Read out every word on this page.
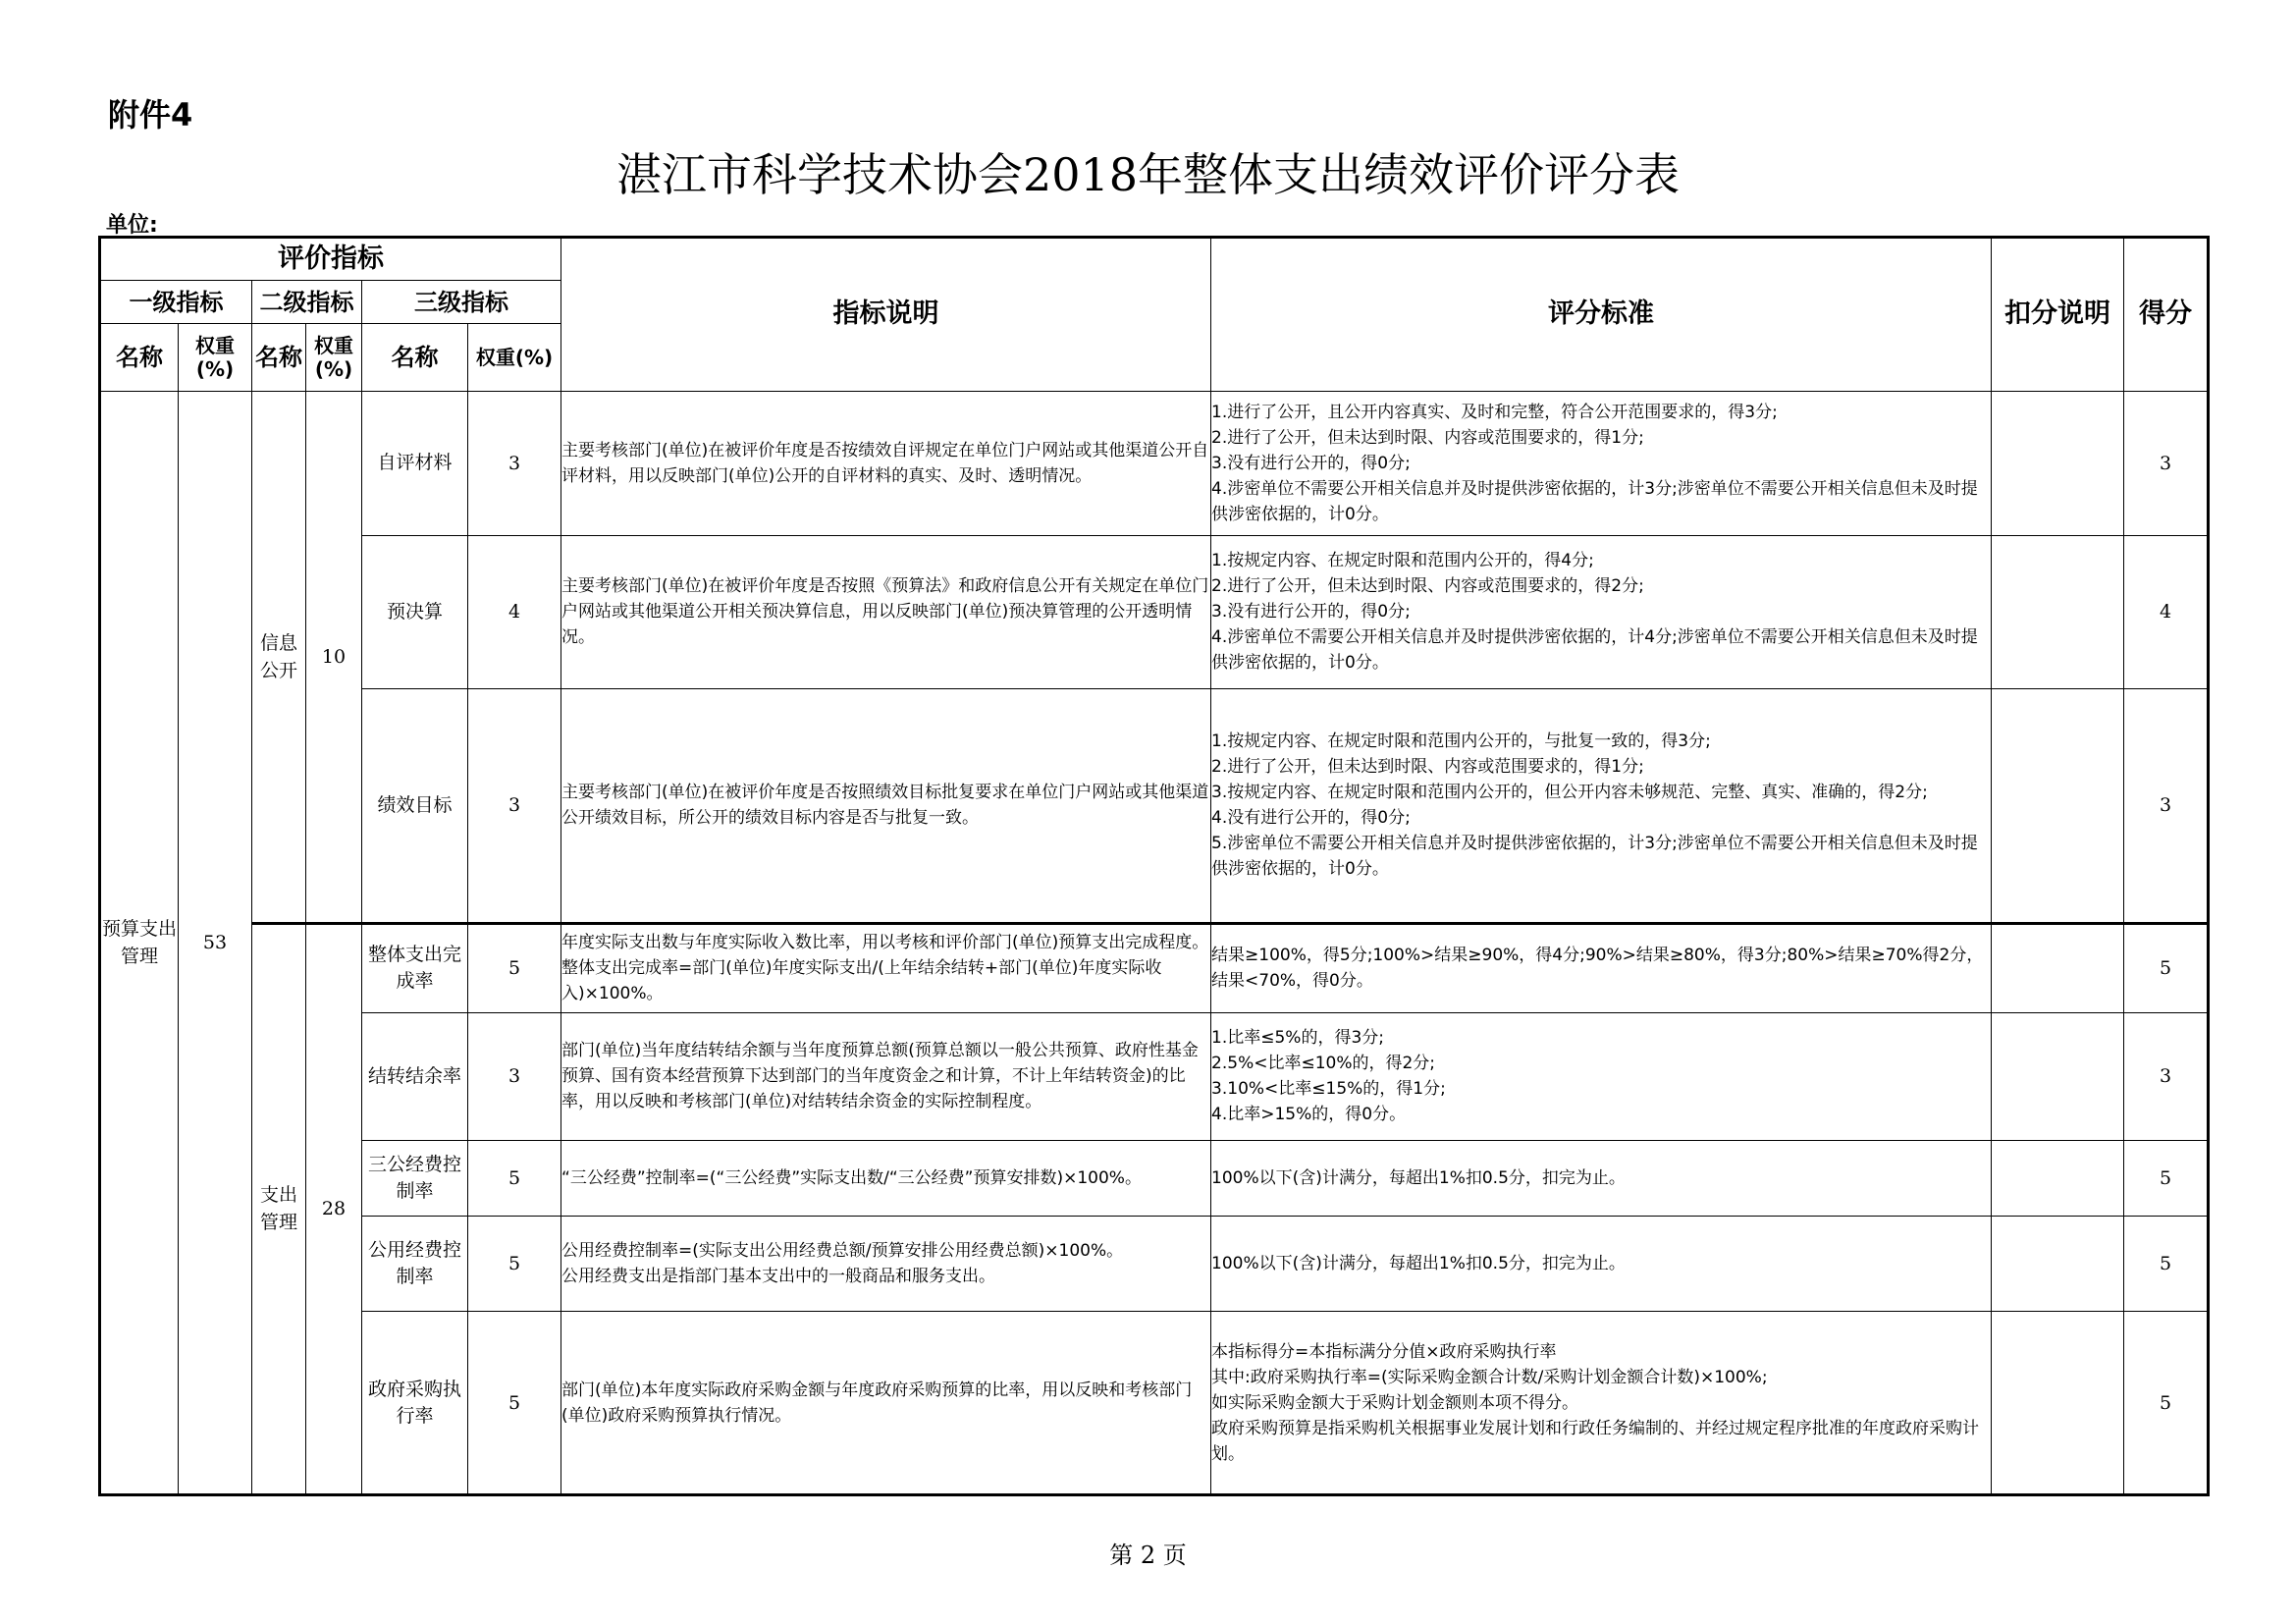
附件4
湛江市科学技术协会2018年整体支出绩效评价评分表
单位:
评价指标						指标说明	评分标准	扣分说明	得分
一级指标		二级指标		三级指标					
名称	权重(%)	名称	权重(%)	名称	权重(%)				
预算支出管理	53	信息公开	10	自评材料	3	主要考核部门(单位)在被评价年度是否按绩效自评规定在单位门户网站或其他渠道公开自评材料，用以反映部门(单位)公开的自评材料的真实、及时、透明情况。	1.进行了公开，且公开内容真实、及时和完整，符合公开范围要求的，得3分;
2.进行了公开，但未达到时限、内容或范围要求的，得1分;
3.没有进行公开的，得0分;
4.涉密单位不需要公开相关信息并及时提供涉密依据的，计3分;涉密单位不需要公开相关信息但未及时提供涉密依据的，计0分。		3
				预决算	4	主要考核部门(单位)在被评价年度是否按照《预算法》和政府信息公开有关规定在单位门户网站或其他渠道公开相关预决算信息，用以反映部门(单位)预决算管理的公开透明情况。	1.按规定内容、在规定时限和范围内公开的，得4分;
2.进行了公开，但未达到时限、内容或范围要求的，得2分;
3.没有进行公开的，得0分;
4.涉密单位不需要公开相关信息并及时提供涉密依据的，计4分;涉密单位不需要公开相关信息但未及时提供涉密依据的，计0分。		4
				绩效目标	3	主要考核部门(单位)在被评价年度是否按照绩效目标批复要求在单位门户网站或其他渠道公开绩效目标，所公开的绩效目标内容是否与批复一致。	1.按规定内容、在规定时限和范围内公开的，与批复一致的，得3分;
2.进行了公开，但未达到时限、内容或范围要求的，得1分;
3.按规定内容、在规定时限和范围内公开的，但公开内容未够规范、完整、真实、准确的，得2分;
4.没有进行公开的，得0分;
5.涉密单位不需要公开相关信息并及时提供涉密依据的，计3分;涉密单位不需要公开相关信息但未及时提供涉密依据的，计0分。		3
		支出管理	28	整体支出完成率	5	年度实际支出数与年度实际收入数比率，用以考核和评价部门(单位)预算支出完成程度。整体支出完成率=部门(单位)年度实际支出/(上年结余结转+部门(单位)年度实际收入)×100%。	结果≥100%，得5分;100%>结果≥90%，得4分;90%>结果≥80%，得3分;80%>结果≥70%得2分，结果<70%，得0分。		5
				结转结余率	3	部门(单位)当年度结转结余额与当年度预算总额(预算总额以一般公共预算、政府性基金预算、国有资本经营预算下达到部门的当年度资金之和计算，不计上年结转资金)的比率，用以反映和考核部门(单位)对结转结余资金的实际控制程度。	1.比率≤5%的，得3分;
2.5%<比率≤10%的，得2分;
3.10%<比率≤15%的，得1分;
4.比率>15%的，得0分。		3
				三公经费控制率	5	“三公经费”控制率=(“三公经费”实际支出数/“三公经费”预算安排数)×100%。	100%以下(含)计满分，每超出1%扣0.5分，扣完为止。		5
				公用经费控制率	5	公用经费控制率=(实际支出公用经费总额/预算安排公用经费总额)×100%。
公用经费支出是指部门基本支出中的一般商品和服务支出。	100%以下(含)计满分，每超出1%扣0.5分，扣完为止。		5
				政府采购执行率	5	部门(单位)本年度实际政府采购金额与年度政府采购预算的比率，用以反映和考核部门(单位)政府采购预算执行情况。	本指标得分=本指标满分分值×政府采购执行率
其中:政府采购执行率=(实际采购金额合计数/采购计划金额合计数)×100%;
如实际采购金额大于采购计划金额则本项不得分。
政府采购预算是指采购机关根据事业发展计划和行政任务编制的、并经过规定程序批准的年度政府采购计划。		5
第 2 页
